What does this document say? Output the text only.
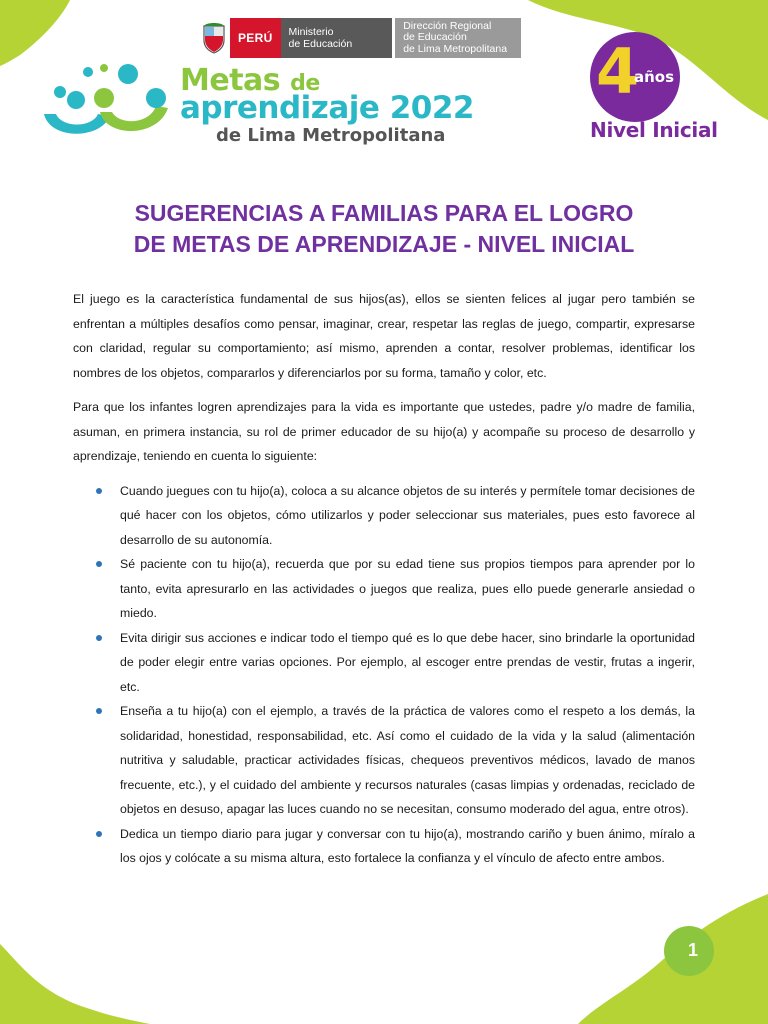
PERÚ	Ministerio
de Educación
Dirección Regional
de Educación
de Lima Metropolitana
Metas de
aprendizaje 2022
de Lima Metropolitana
4
años
Nivel Inicial
SUGERENCIAS A FAMILIAS PARA EL LOGRO
DE METAS DE APRENDIZAJE - NIVEL INICIAL

El juego es la característica fundamental de sus hijos(as), ellos se sienten felices al jugar pero también se enfrentan a múltiples desafíos como pensar, imaginar, crear, respetar las reglas de juego, compartir, expresarse con claridad, regular su comportamiento; así mismo, aprenden a contar, resolver problemas, identificar los nombres de los objetos, compararlos y diferenciarlos por su forma, tamaño y color, etc.

Para que los infantes logren aprendizajes para la vida es importante que ustedes, padre y/o madre de familia, asuman, en primera instancia, su rol de primer educador de su hijo(a) y acompañe su proceso de desarrollo y aprendizaje, teniendo en cuenta lo siguiente:

Cuando juegues con tu hijo(a), coloca a su alcance objetos de su interés y permítele tomar decisiones de qué hacer con los objetos, cómo utilizarlos y poder seleccionar sus materiales, pues esto favorece al desarrollo de su autonomía.
Sé paciente con tu hijo(a), recuerda que por su edad tiene sus propios tiempos para aprender por lo tanto, evita apresurarlo en las actividades o juegos que realiza, pues ello puede generarle ansiedad o miedo.
Evita dirigir sus acciones e indicar todo el tiempo qué es lo que debe hacer, sino brindarle la oportunidad de poder elegir entre varias opciones. Por ejemplo, al escoger entre prendas de vestir, frutas a ingerir, etc.
Enseña a tu hijo(a) con el ejemplo, a través de la práctica de valores como el respeto a los demás, la solidaridad, honestidad, responsabilidad, etc. Así como el cuidado de la vida y la salud (alimentación nutritiva y saludable, practicar actividades físicas, chequeos preventivos médicos, lavado de manos frecuente, etc.), y el cuidado del ambiente y recursos naturales (casas limpias y ordenadas, reciclado de objetos en desuso, apagar las luces cuando no se necesitan, consumo moderado del agua, entre otros).
Dedica un tiempo diario para jugar y conversar con tu hijo(a), mostrando cariño y buen ánimo, míralo a los ojos y colócate a su misma altura, esto fortalece la confianza y el vínculo de afecto entre ambos.
1
